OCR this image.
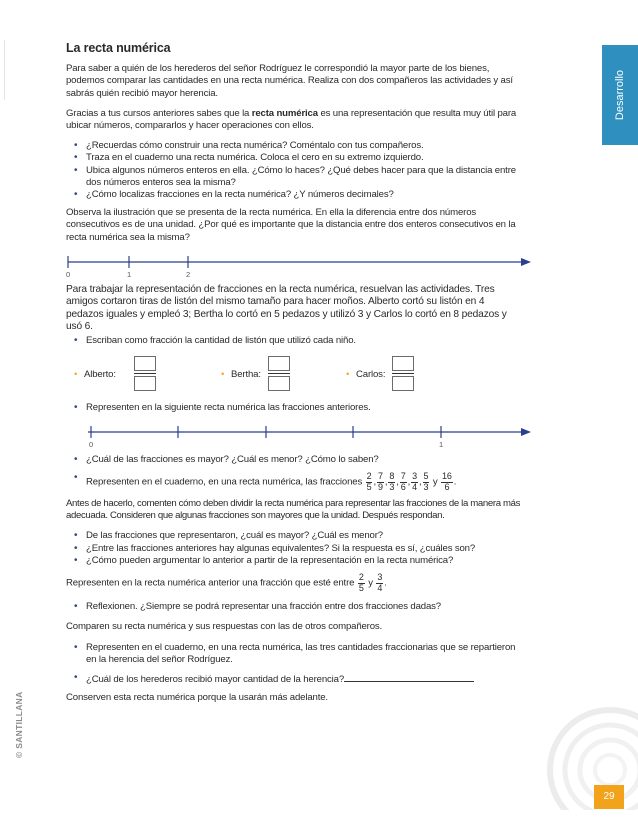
La recta numérica

Para saber a quién de los herederos del señor Rodríguez le correspondió la mayor parte de los bienes, podemos comparar las cantidades en una recta numérica. Realiza con dos compañeros las actividades y así sabrás quién recibió mayor herencia.

Gracias a tus cursos anteriores sabes que la recta numérica es una representación que resulta muy útil para ubicar números, compararlos y hacer operaciones con ellos.

• ¿Recuerdas cómo construir una recta numérica? Coméntalo con tus compañeros.
• Traza en el cuaderno una recta numérica. Coloca el cero en su extremo izquierdo.
• Ubica algunos números enteros en ella. ¿Cómo lo haces? ¿Qué debes hacer para que la distancia entre dos números enteros sea la misma?
• ¿Cómo localizas fracciones en la recta numérica? ¿Y números decimales?

Observa la ilustración que se presenta de la recta numérica. En ella la diferencia entre dos números consecutivos es de una unidad. ¿Por qué es importante que la distancia entre dos enteros consecutivos en la recta numérica sea la misma?

0	1	2

Para trabajar la representación de fracciones en la recta numérica, resuelvan las actividades. Tres amigos cortaron tiras de listón del mismo tamaño para hacer moños. Alberto cortó su listón en 4 pedazos iguales y empleó 3; Bertha lo cortó en 5 pedazos y utilizó 3 y Carlos lo cortó en 8 pedazos y usó 6.

• Escriban como fracción la cantidad de listón que utilizó cada niño.
• Alberto:	• Bertha:	• Carlos:
• Representen en la siguiente recta numérica las fracciones anteriores.
0	1
• ¿Cuál de las fracciones es mayor? ¿Cuál es menor? ¿Cómo lo saben?
• Representen en el cuaderno, en una recta numérica, las fracciones $\frac{2}{5}$ , $\frac{7}{9}$ , $\frac{8}{3}$ , $\frac{7}{6}$ , $\frac{3}{4}$ , $\frac{5}{3}$ y $\frac{16}{6}$ .

Antes de hacerlo, comenten cómo deben dividir la recta numérica para representar las fracciones de la manera más adecuada. Consideren que algunas fracciones son mayores que la unidad. Después respondan.

• De las fracciones que representaron, ¿cuál es mayor? ¿Cuál es menor?
• ¿Entre las fracciones anteriores hay algunas equivalentes? Si la respuesta es sí, ¿cuáles son?
• ¿Cómo pueden argumentar lo anterior a partir de la representación en la recta numérica?

Representen en la recta numérica anterior una fracción que esté entre $\frac{2}{5}$ y $\frac{3}{4}$ .

• Reflexionen. ¿Siempre se podrá representar una fracción entre dos fracciones dadas?

Comparen su recta numérica y sus respuestas con las de otros compañeros.

• Representen en el cuaderno, en una recta numérica, las tres cantidades fraccionarias que se repartieron en la herencia del señor Rodríguez.
• ¿Cuál de los herederos recibió mayor cantidad de la herencia?

Conserven esta recta numérica porque la usarán más adelante.

Desarrollo
© SANTILLANA
29
